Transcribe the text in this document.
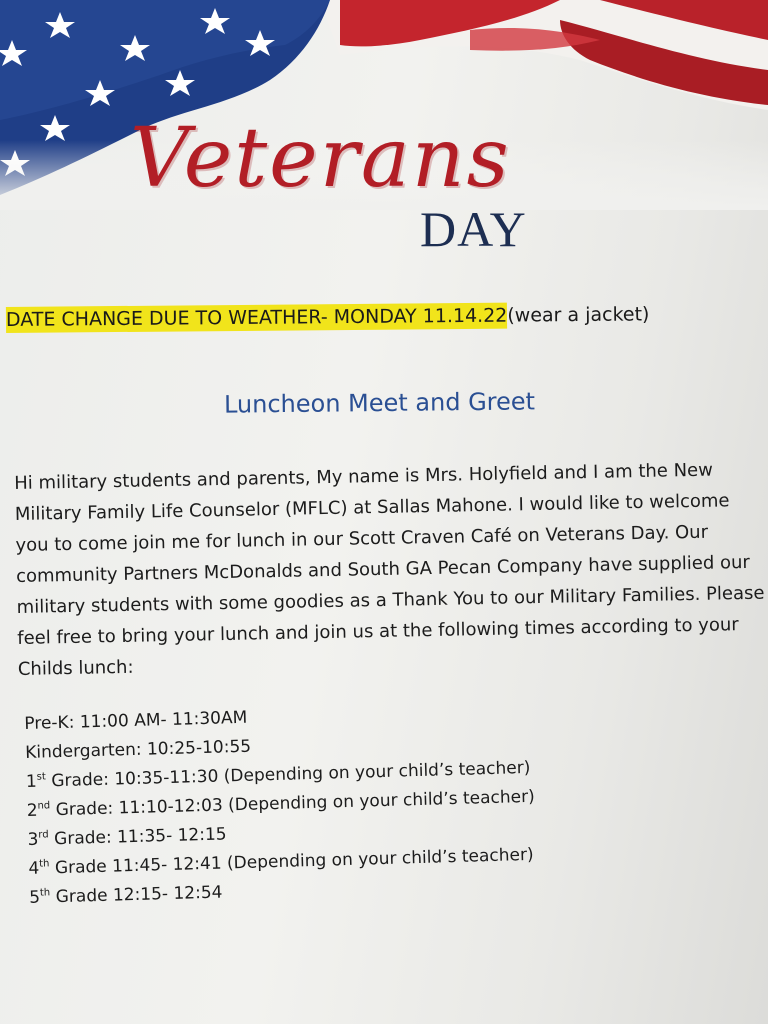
Veterans
DAY
DATE CHANGE DUE TO WEATHER- MONDAY 11.14.22(wear a jacket)
Luncheon Meet and Greet
Hi military students and parents, My name is Mrs. Holyfield and I am the New Military Family Life Counselor (MFLC) at Sallas Mahone. I would like to welcome you to come join me for lunch in our Scott Craven Café on Veterans Day. Our community Partners McDonalds and South GA Pecan Company have supplied our military students with some goodies as a Thank You to our Military Families. Please feel free to bring your lunch and join us at the following times according to your Childs lunch:
Pre-K: 11:00 AM- 11:30AM
Kindergarten: 10:25-10:55
1st Grade: 10:35-11:30 (Depending on your child’s teacher)
2nd Grade: 11:10-12:03 (Depending on your child’s teacher)
3rd Grade: 11:35- 12:15
4th Grade 11:45- 12:41 (Depending on your child’s teacher)
5th Grade 12:15- 12:54
